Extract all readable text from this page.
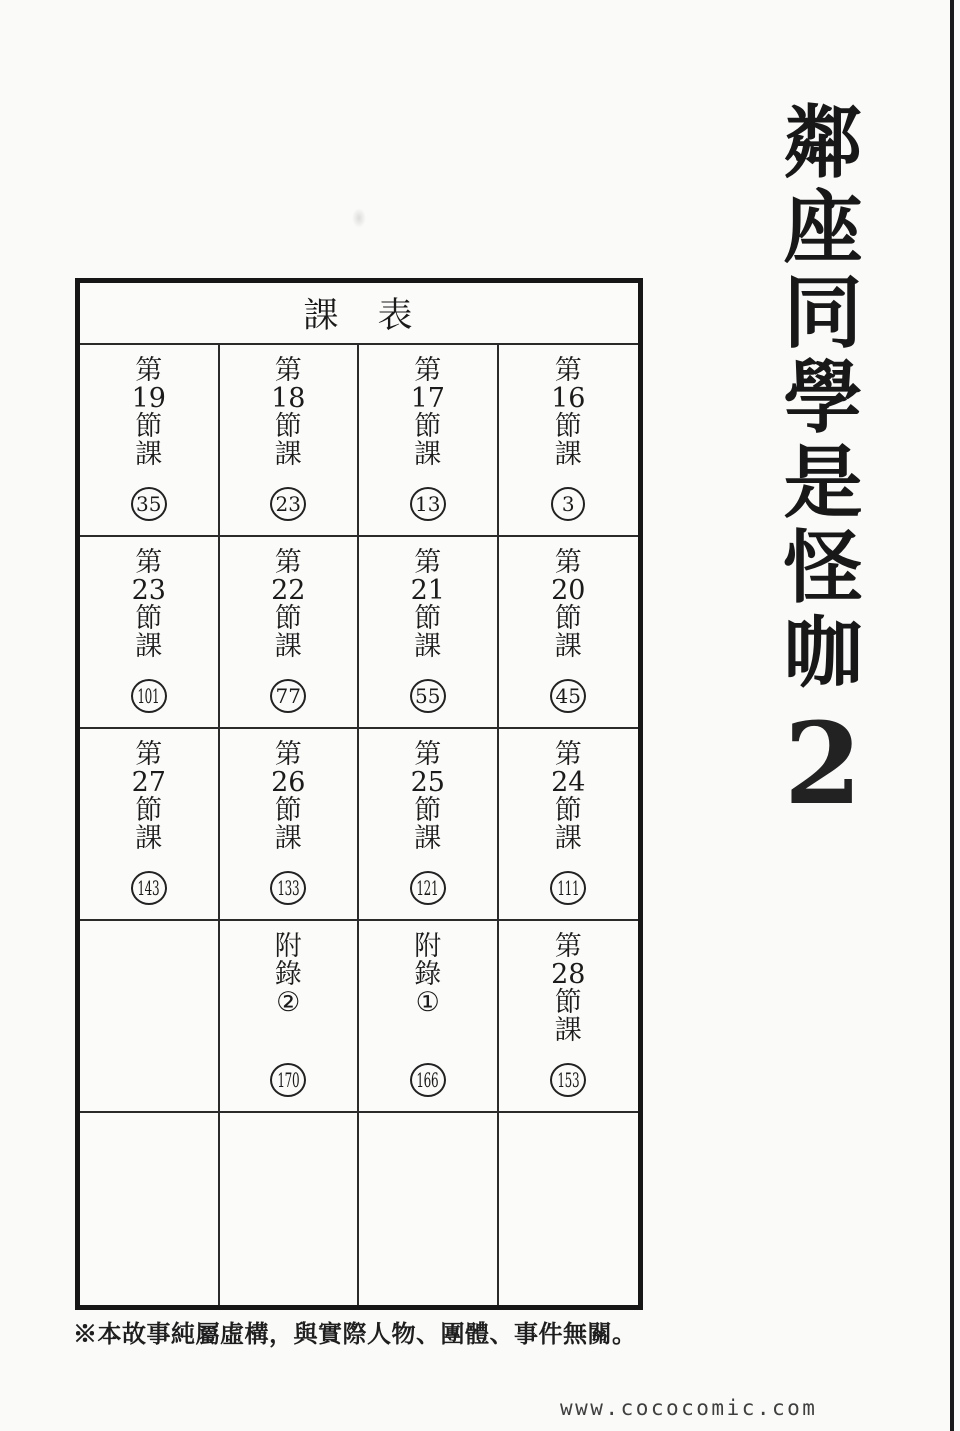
課　表
第
19
節
課
35
第
18
節
課
23
第
17
節
課
13
第
16
節
課
3
第
23
節
課
101
第
22
節
課
77
第
21
節
課
55
第
20
節
課
45
第
27
節
課
143
第
26
節
課
133
第
25
節
課
121
第
24
節
課
111
附
錄
②
170
附
錄
①
166
第
28
節
課
153
鄰
座
同
學
是
怪
咖
2
※本故事純屬虛構，與實際人物、團體、事件無關。
www.cococomic.com
